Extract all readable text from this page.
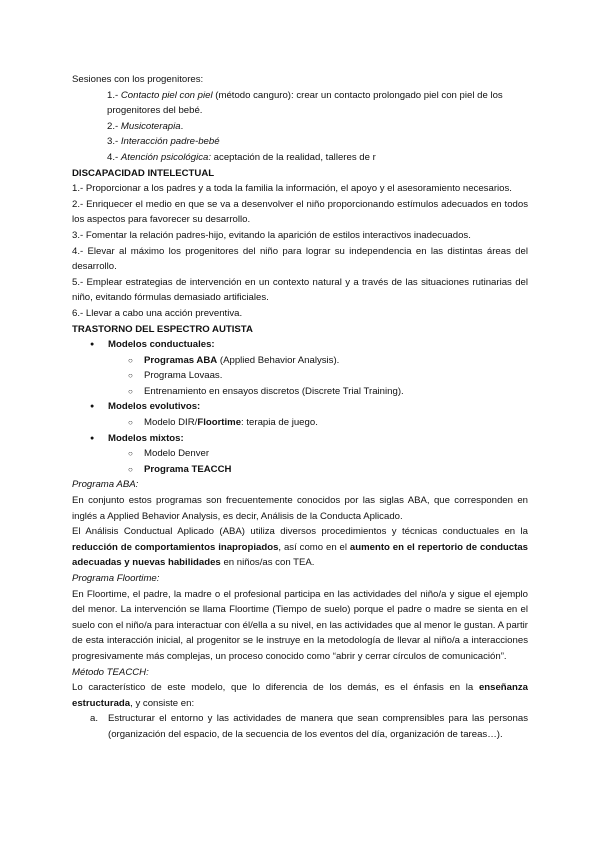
Sesiones con los progenitores:

1.- Contacto piel con piel (método canguro): crear un contacto prolongado piel con piel de los progenitores del bebé.

2.- Musicoterapia.

3.- Interacción padre-bebé

4.- Atención psicológica: aceptación de la realidad, talleres de r

DISCAPACIDAD INTELECTUAL

1.- Proporcionar a los padres y a toda la familia la información, el apoyo y el asesoramiento necesarios.

2.- Enriquecer el medio en que se va a desenvolver el niño proporcionando estímulos adecuados en todos los aspectos para favorecer su desarrollo.

3.- Fomentar la relación padres-hijo, evitando la aparición de estilos interactivos inadecuados.

4.- Elevar al máximo los progenitores del niño para lograr su independencia en las distintas áreas del desarrollo.

5.- Emplear estrategias de intervención en un contexto natural y a través de las situaciones rutinarias del niño, evitando fórmulas demasiado artificiales.

6.- Llevar a cabo una acción preventiva.

TRASTORNO DEL ESPECTRO AUTISTA

● Modelos conductuales:

○ Programas ABA (Applied Behavior Analysis).

○ Programa Lovaas.

○ Entrenamiento en ensayos discretos (Discrete Trial Training).

● Modelos evolutivos:

○ Modelo DIR/Floortime: terapia de juego.

● Modelos mixtos:

○ Modelo Denver

○ Programa TEACCH

Programa ABA:

En conjunto estos programas son frecuentemente conocidos por las siglas ABA, que corresponden en inglés a Applied Behavior Analysis, es decir, Análisis de la Conducta Aplicado.

El Análisis Conductual Aplicado (ABA) utiliza diversos procedimientos y técnicas conductuales en la reducción de comportamientos inapropiados, así como en el aumento en el repertorio de conductas adecuadas y nuevas habilidades en niños/as con TEA.

Programa Floortime:

En Floortime, el padre, la madre o el profesional participa en las actividades del niño/a y sigue el ejemplo del menor. La intervención se llama Floortime (Tiempo de suelo) porque el padre o madre se sienta en el suelo con el niño/a para interactuar con él/ella a su nivel, en las actividades que al menor le gustan. A partir de esta interacción inicial, al progenitor se le instruye en la metodología de llevar al niño/a a interacciones progresivamente más complejas, un proceso conocido como “abrir y cerrar círculos de comunicación”.

Método TEACCH:

Lo característico de este modelo, que lo diferencia de los demás, es el énfasis en la enseñanza estructurada, y consiste en:

a. Estructurar el entorno y las actividades de manera que sean comprensibles para las personas (organización del espacio, de la secuencia de los eventos del día, organización de tareas…).
